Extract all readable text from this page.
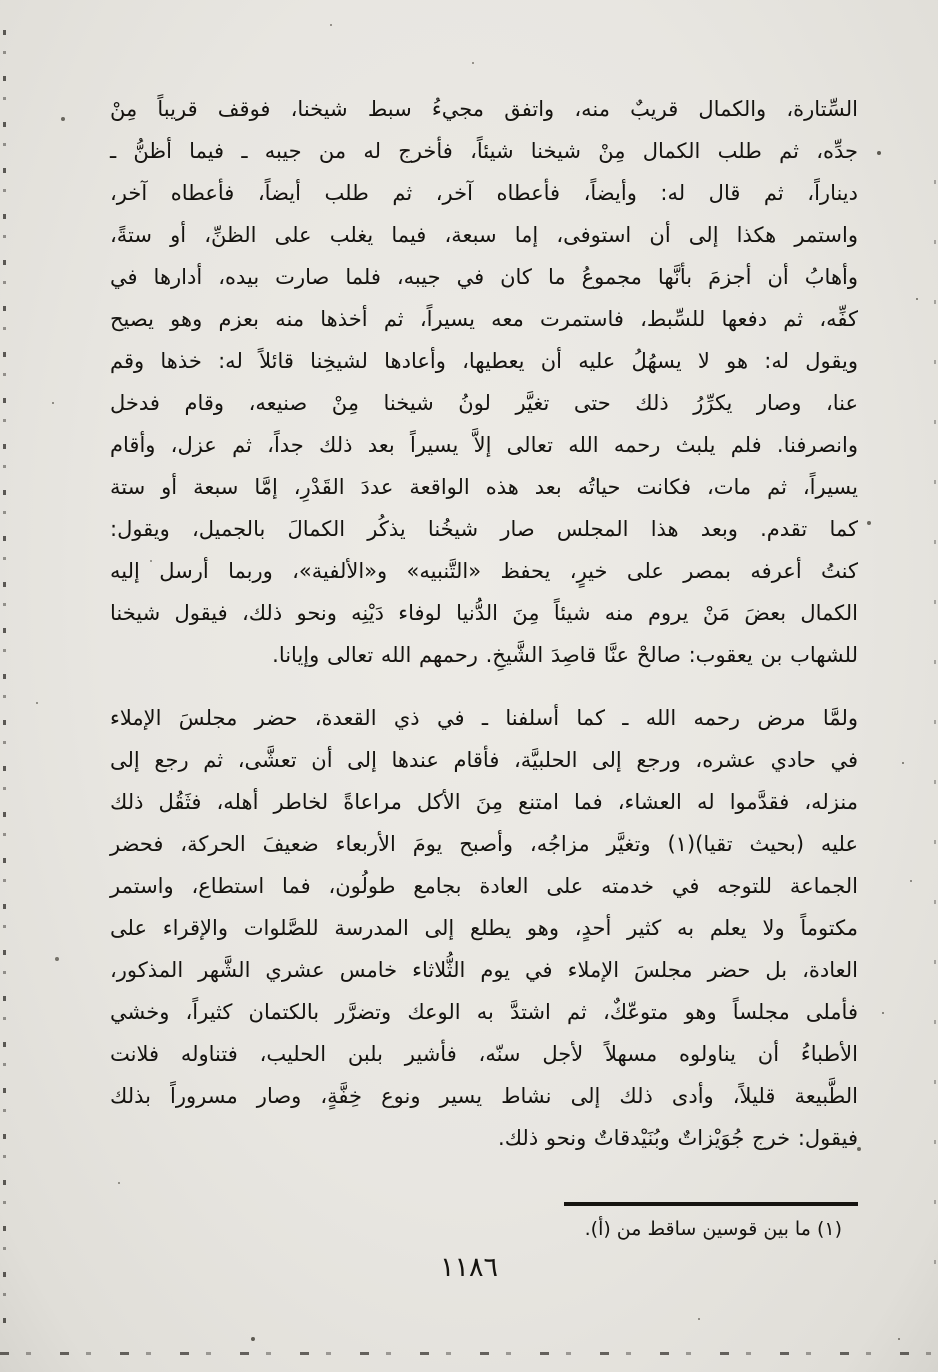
السِّتارة، والكمال قريبٌ منه، واتفق مجيءُ سبط شيخنا، فوقف قريباً مِنْ
جدِّه، ثم طلب الكمال مِنْ شيخنا شيئاً، فأخرج له من جيبه ـ فيما أظنُّ ـ
ديناراً، ثم قال له: وأيضاً، فأعطاه آخر، ثم طلب أيضاً، فأعطاه آخر،
واستمر هكذا إلى أن استوفى، إما سبعة، فيما يغلب على الظنِّ، أو ستةً،
وأهابُ أن أجزمَ بأنَّها مجموعُ ما كان في جيبه، فلما صارت بيده، أدارها في
كفِّه، ثم دفعها للسِّبط، فاستمرت معه يسيراً، ثم أخذها منه بعزم وهو يصيح
ويقول له: هو لا يسهُلُ عليه أن يعطيها، وأعادها لشيخِنا قائلاً له: خذها وقم
عنا، وصار يكرِّرُ ذلك حتى تغيَّر لونُ شيخنا مِنْ صنيعه، وقام فدخل
وانصرفنا. فلم يلبث رحمه الله تعالى إلاَّ يسيراً بعد ذلك جداً، ثم عزل، وأقام
يسيراً، ثم مات، فكانت حياتُه بعد هذه الواقعة عددَ القَدْرِ، إمَّا سبعة أو ستة
كما تقدم. وبعد هذا المجلس صار شيخُنا يذكُر الكمالَ بالجميل، ويقول:
كنتُ أعرفه بمصر على خيرٍ، يحفظ «التَّنبيه» و«الألفية»، وربما أرسل إليه
الكمال بعضَ مَنْ يروم منه شيئاً مِنَ الدُّنيا لوفاء دَيْنِه ونحو ذلك، فيقول شيخنا
للشهاب بن يعقوب: صالحْ عنَّا قاصِدَ الشَّيخِ. رحمهم الله تعالى وإيانا.
ولمَّا مرض رحمه الله ـ كما أسلفنا ـ في ذي القعدة، حضر مجلسَ الإملاء
في حادي عشره، ورجع إلى الحلبيَّة، فأقام عندها إلى أن تعشَّى، ثم رجع إلى
منزله، فقدَّموا له العشاء، فما امتنع مِنَ الأكل مراعاةً لخاطر أهله، فثَقُل ذلك
عليه (بحيث تقيا)(١) وتغيَّر مزاجُه، وأصبح يومَ الأربعاء ضعيفَ الحركة، فحضر
الجماعة للتوجه في خدمته على العادة بجامع طولُون، فما استطاع، واستمر
مكتوماً ولا يعلم به كثير أحدٍ، وهو يطلع إلى المدرسة للصَّلوات والإقراء على
العادة، بل حضر مجلسَ الإملاء في يوم الثُّلاثاء خامس عشري الشَّهر المذكور،
فأملى مجلساً وهو متوعّكٌ، ثم اشتدَّ به الوعك وتضرَّر بالكتمان كثيراً، وخشي
الأطباءُ أن يناولوه مسهلاً لأجل سنّه، فأشير بلبن الحليب، فتناوله فلانت
الطَّبيعة قليلاً، وأدى ذلك إلى نشاط يسير ونوع خِفَّةٍ، وصار مسروراً بذلك
فيقول: خرج جُوَيْزاتٌ وبُنَيْدقاتٌ ونحو ذلك.
(١) ما بين قوسين ساقط من (أ).
١١٨٦
